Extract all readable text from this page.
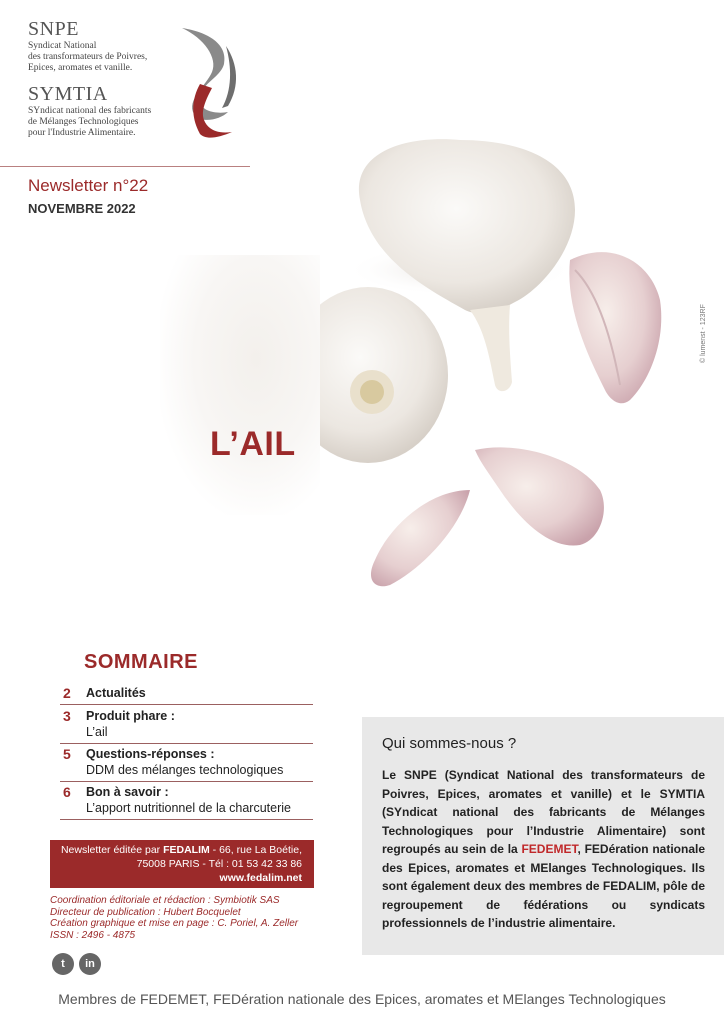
SNPE
Syndicat National
des transformateurs de Poivres,
Epices, aromates et vanille.
SYMTIA
SYndicat national des fabricants
de Mélanges Technologiques
pour l'Industrie Alimentaire.
Newsletter n°22
NOVEMBRE 2022
L’AIL
© lumenst - 123RF
SOMMAIRE
2 Actualités
3 Produit phare :
L’ail
5 Questions-réponses :
DDM des mélanges technologiques
6 Bon à savoir :
L’apport nutritionnel de la charcuterie
Newsletter éditée par FEDALIM - 66, rue La Boétie,
75008 PARIS - Tél : 01 53 42 33 86
www.fedalim.net
Coordination éditoriale et rédaction : Symbiotik SAS
Directeur de publication : Hubert Bocquelet
Création graphique et mise en page : C. Poriel, A. Zeller
ISSN : 2496 - 4875
t	in
Qui sommes-nous ?
Le SNPE (Syndicat National des transformateurs de Poivres, Epices, aromates et vanille) et le SYMTIA (SYndicat national des fabricants de Mélanges Technologiques pour l’Industrie Alimentaire) sont regroupés au sein de la FEDEMET, FEDération nationale des Epices, aromates et MElanges Technologiques. Ils sont également deux des membres de FEDALIM, pôle de regroupement de fédérations ou syndicats professionnels de l’industrie alimentaire.
Membres de FEDEMET, FEDération nationale des Epices, aromates et MElanges Technologiques
